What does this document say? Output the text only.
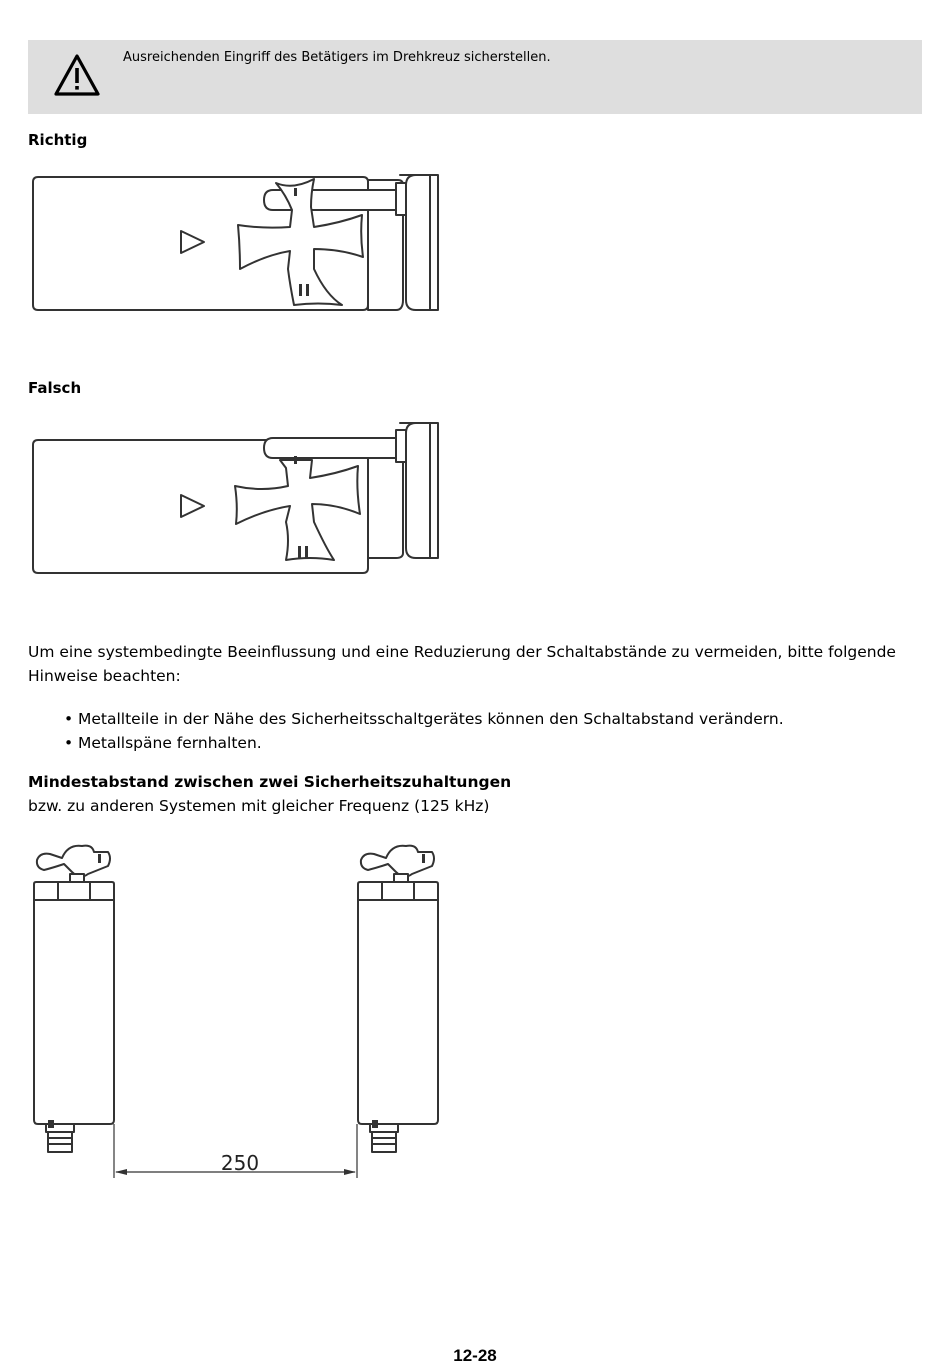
Ausreichenden Eingriff des Betätigers im Drehkreuz sicherstellen.
Richtig
Falsch
Um eine systembedingte Beeinflussung und eine Reduzierung der Schaltabstände zu vermeiden, bitte folgende Hinweise beachten:
• Metallteile in der Nähe des Sicherheitsschaltgerätes können den Schaltabstand verändern.
• Metallspäne fernhalten.
Mindestabstand zwischen zwei Sicherheitszuhaltungen
bzw. zu anderen Systemen mit gleicher Frequenz (125 kHz)
250
12-28
